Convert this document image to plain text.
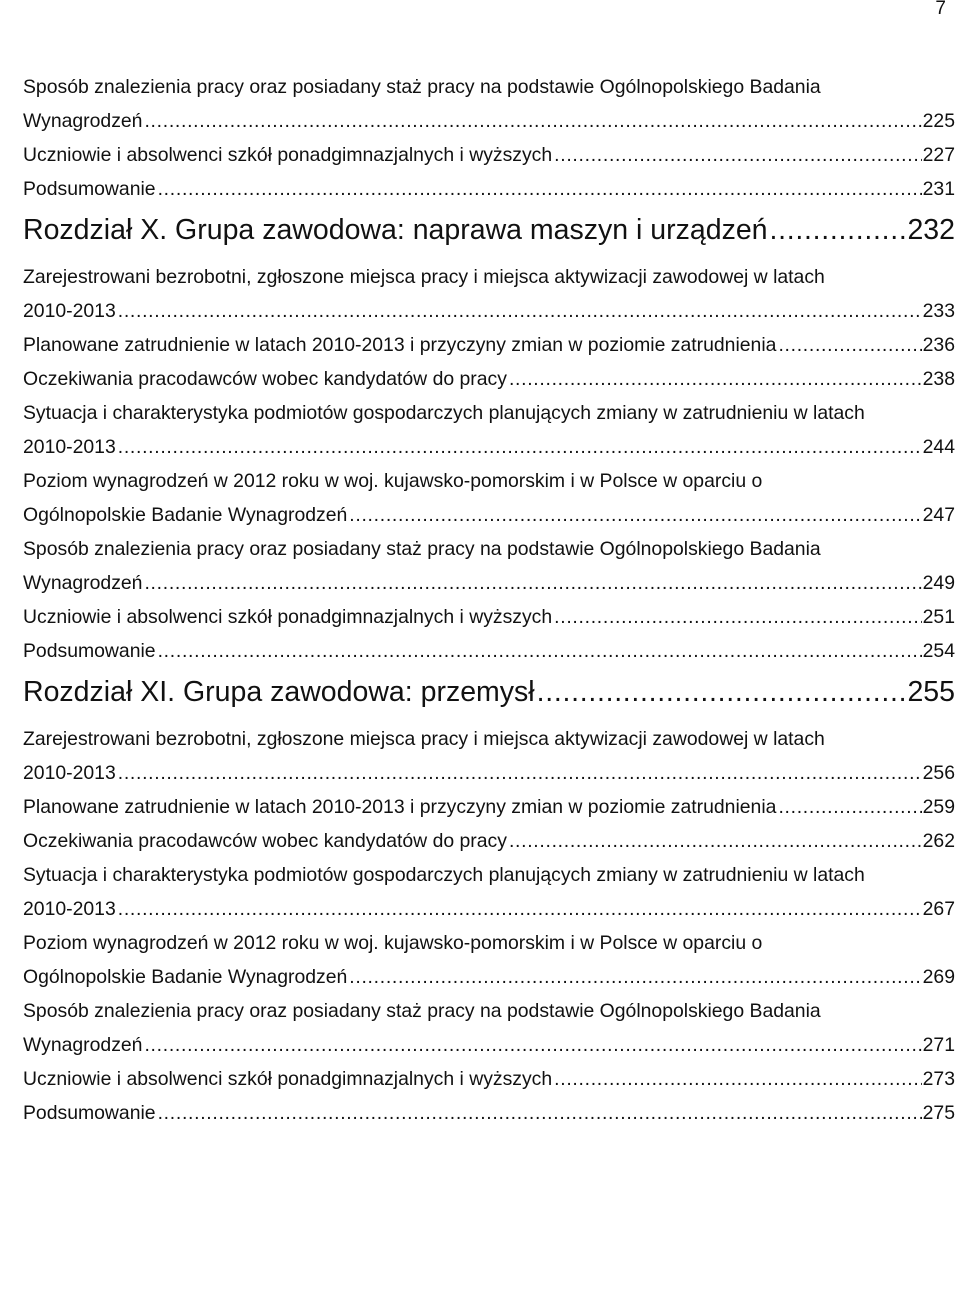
7
Sposób znalezienia pracy oraz posiadany staż pracy na podstawie Ogólnopolskiego Badania
Wynagrodzeń .....	225
Uczniowie i absolwenci szkół ponadgimnazjalnych i wyższych .....	227
Podsumowanie .....	231
Rozdział X. Grupa zawodowa: naprawa maszyn i urządzeń .....	232
Zarejestrowani bezrobotni, zgłoszone miejsca pracy i miejsca aktywizacji zawodowej w latach
2010-2013 .....	233
Planowane zatrudnienie w latach 2010-2013 i przyczyny zmian w poziomie zatrudnienia .....	236
Oczekiwania pracodawców wobec kandydatów do pracy .....	238
Sytuacja i charakterystyka podmiotów gospodarczych planujących zmiany w zatrudnieniu w latach
2010-2013 .....	244
Poziom wynagrodzeń w 2012 roku w woj. kujawsko-pomorskim i w Polsce w oparciu o
Ogólnopolskie Badanie Wynagrodzeń .....	247
Sposób znalezienia pracy oraz posiadany staż pracy na podstawie Ogólnopolskiego Badania
Wynagrodzeń .....	249
Uczniowie i absolwenci szkół ponadgimnazjalnych i wyższych .....	251
Podsumowanie .....	254
Rozdział XI. Grupa zawodowa: przemysł .....	255
Zarejestrowani bezrobotni, zgłoszone miejsca pracy i miejsca aktywizacji zawodowej w latach
2010-2013 .....	256
Planowane zatrudnienie w latach 2010-2013 i przyczyny zmian w poziomie zatrudnienia .....	259
Oczekiwania pracodawców wobec kandydatów do pracy .....	262
Sytuacja i charakterystyka podmiotów gospodarczych planujących zmiany w zatrudnieniu w latach
2010-2013 .....	267
Poziom wynagrodzeń w 2012 roku w woj. kujawsko-pomorskim i w Polsce w oparciu o
Ogólnopolskie Badanie Wynagrodzeń .....	269
Sposób znalezienia pracy oraz posiadany staż pracy na podstawie Ogólnopolskiego Badania
Wynagrodzeń .....	271
Uczniowie i absolwenci szkół ponadgimnazjalnych i wyższych .....	273
Podsumowanie .....	275
